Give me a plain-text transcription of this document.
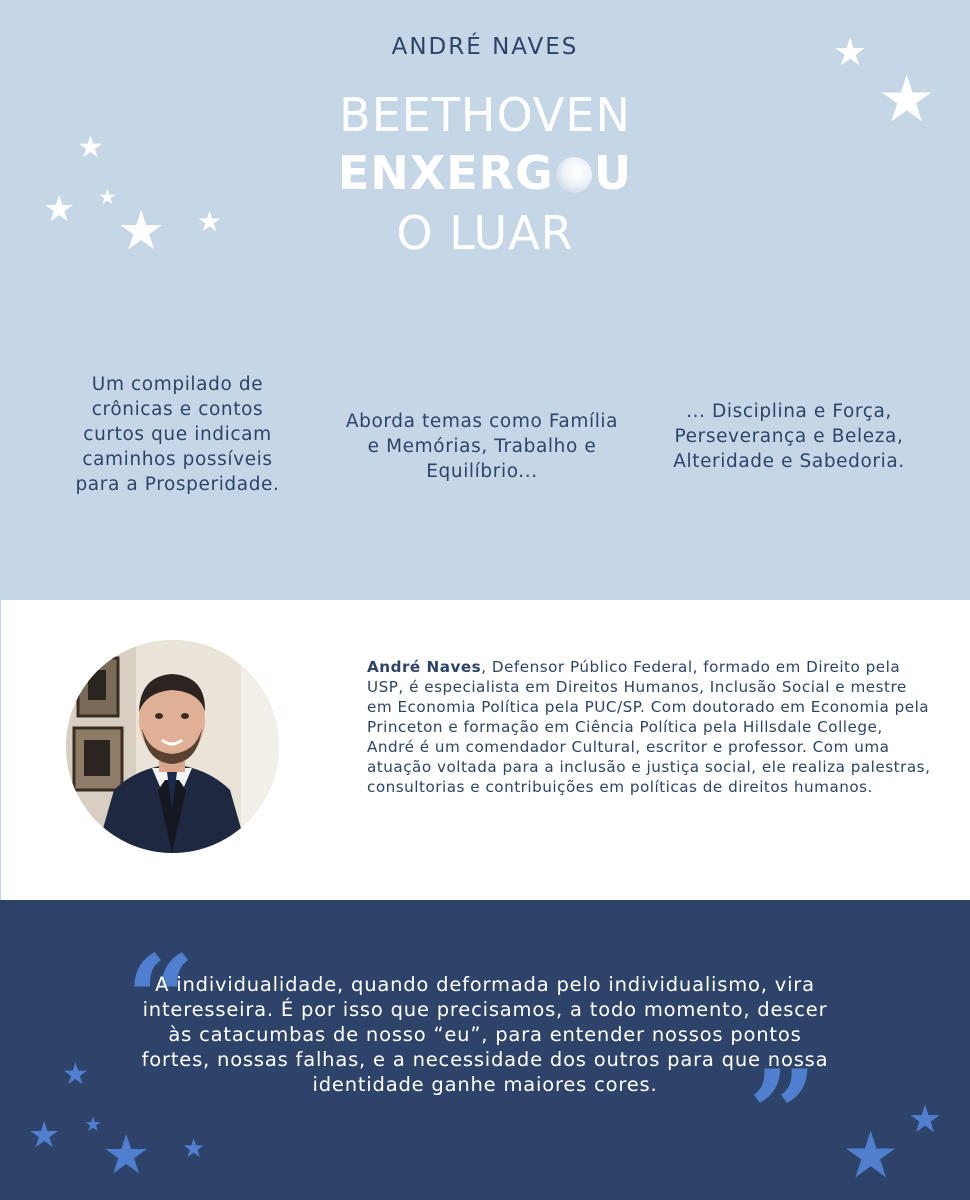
ANDRÉ NAVES
BEETHOVEN
ENXERG U
O LUAR
★
★ ★
★ ★
★
★
Um compilado de crônicas e contos curtos que indicam caminhos possíveis para a Prosperidade.
Aborda temas como Família e Memórias, Trabalho e Equilíbrio...
... Disciplina e Força, Perseverança e Beleza, Alteridade e Sabedoria.
André Naves, Defensor Público Federal, formado em Direito pela USP, é especialista em Direitos Humanos, Inclusão Social e mestre em Economia Política pela PUC/SP. Com doutorado em Economia pela Princeton e formação em Ciência Política pela Hillsdale College, André é um comendador Cultural, escritor e professor. Com uma atuação voltada para a inclusão e justiça social, ele realiza palestras, consultorias e contribuições em políticas de direitos humanos.
“
A individualidade, quando deformada pelo individualismo, vira interesseira. É por isso que precisamos, a todo momento, descer às catacumbas de nosso “eu”, para entender nossos pontos fortes, nossas falhas, e a necessidade dos outros para que nossa identidade ganhe maiores cores. ”
★
★
★ ★ ★
★
★
